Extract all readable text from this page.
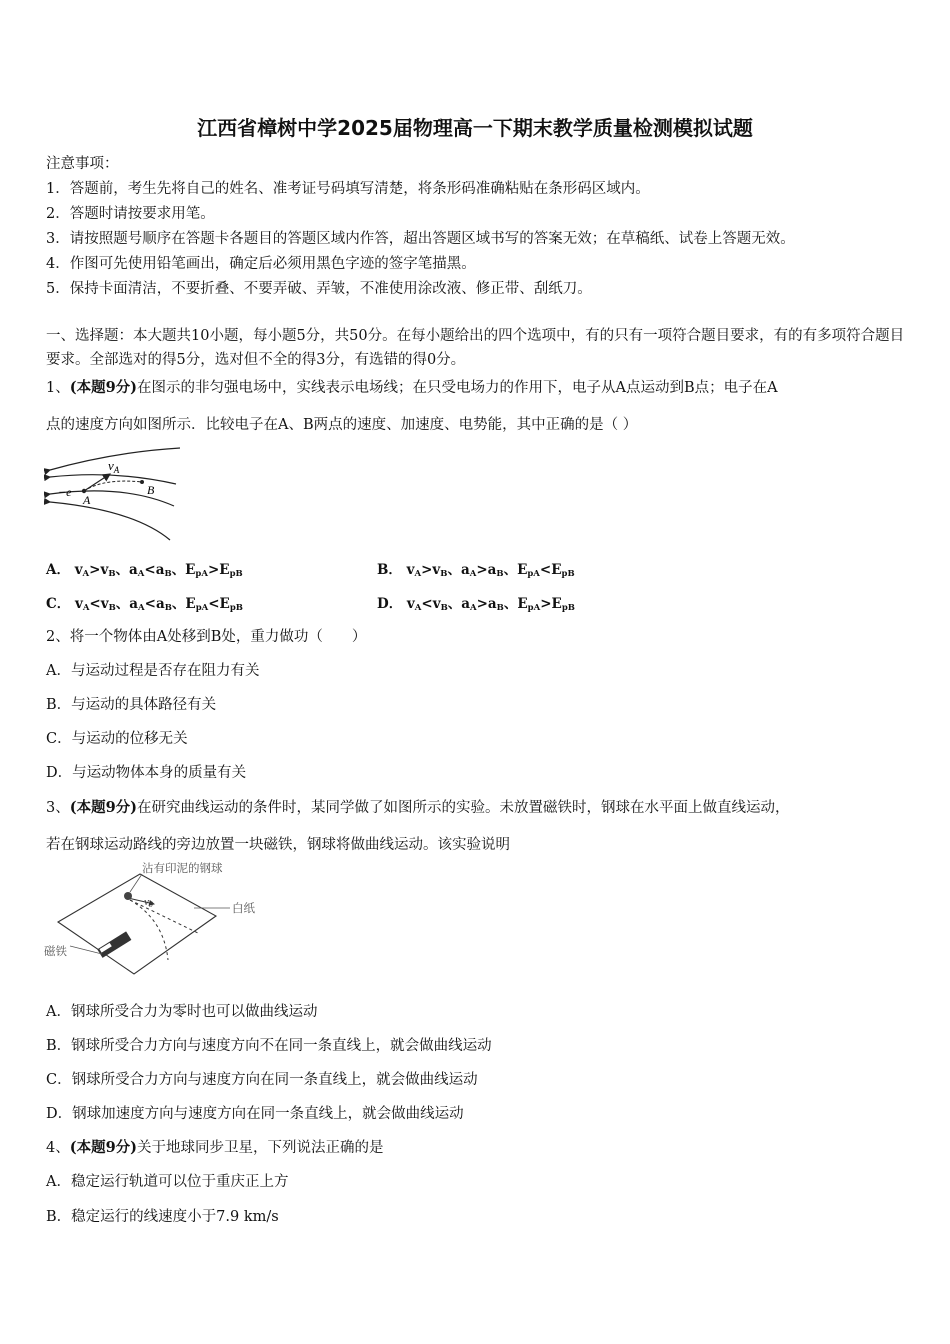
江西省樟树中学2025届物理高一下期末教学质量检测模拟试题
注意事项：
1．答题前，考生先将自己的姓名、准考证号码填写清楚，将条形码准确粘贴在条形码区域内。
2．答题时请按要求用笔。
3．请按照题号顺序在答题卡各题目的答题区域内作答，超出答题区域书写的答案无效；在草稿纸、试卷上答题无效。
4．作图可先使用铅笔画出，确定后必须用黑色字迹的签字笔描黑。
5．保持卡面清洁，不要折叠、不要弄破、弄皱，不准使用涂改液、修正带、刮纸刀。
一、选择题：本大题共10小题，每小题5分，共50分。在每小题给出的四个选项中，有的只有一项符合题目要求，有的有多项符合题目要求。全部选对的得5分，选对但不全的得3分，有选错的得0分。
1、(本题9分)在图示的非匀强电场中，实线表示电场线；在只受电场力的作用下，电子从A点运动到B点；电子在A
点的速度方向如图所示．比较电子在A、B两点的速度、加速度、电势能，其中正确的是（ ）
$v_A$
−e
A
B
A． $v_A>v_B$、$a_A<a_B$、$E_{pA}>E_{pB}$	B． $v_A>v_B$、$a_A>a_B$、$E_{pA}<E_{pB}$
C． $v_A<v_B$、$a_A<a_B$、$E_{pA}<E_{pB}$	D． $v_A<v_B$、$a_A>a_B$、$E_{pA}>E_{pB}$
2、将一个物体由A处移到B处，重力做功（　　）
A．与运动过程是否存在阻力有关
B．与运动的具体路径有关
C．与运动的位移无关
D．与运动物体本身的质量有关
3、(本题9分)在研究曲线运动的条件时，某同学做了如图所示的实验。未放置磁铁时，钢球在水平面上做直线运动，
若在钢球运动路线的旁边放置一块磁铁，钢球将做曲线运动。该实验说明
沾有印泥的钢球
v0	白纸
磁铁
A．钢球所受合力为零时也可以做曲线运动
B．钢球所受合力方向与速度方向不在同一条直线上，就会做曲线运动
C．钢球所受合力方向与速度方向在同一条直线上，就会做曲线运动
D．钢球加速度方向与速度方向在同一条直线上，就会做曲线运动
4、(本题9分)关于地球同步卫星，下列说法正确的是
A．稳定运行轨道可以位于重庆正上方
B．稳定运行的线速度小于7.9 km/s
